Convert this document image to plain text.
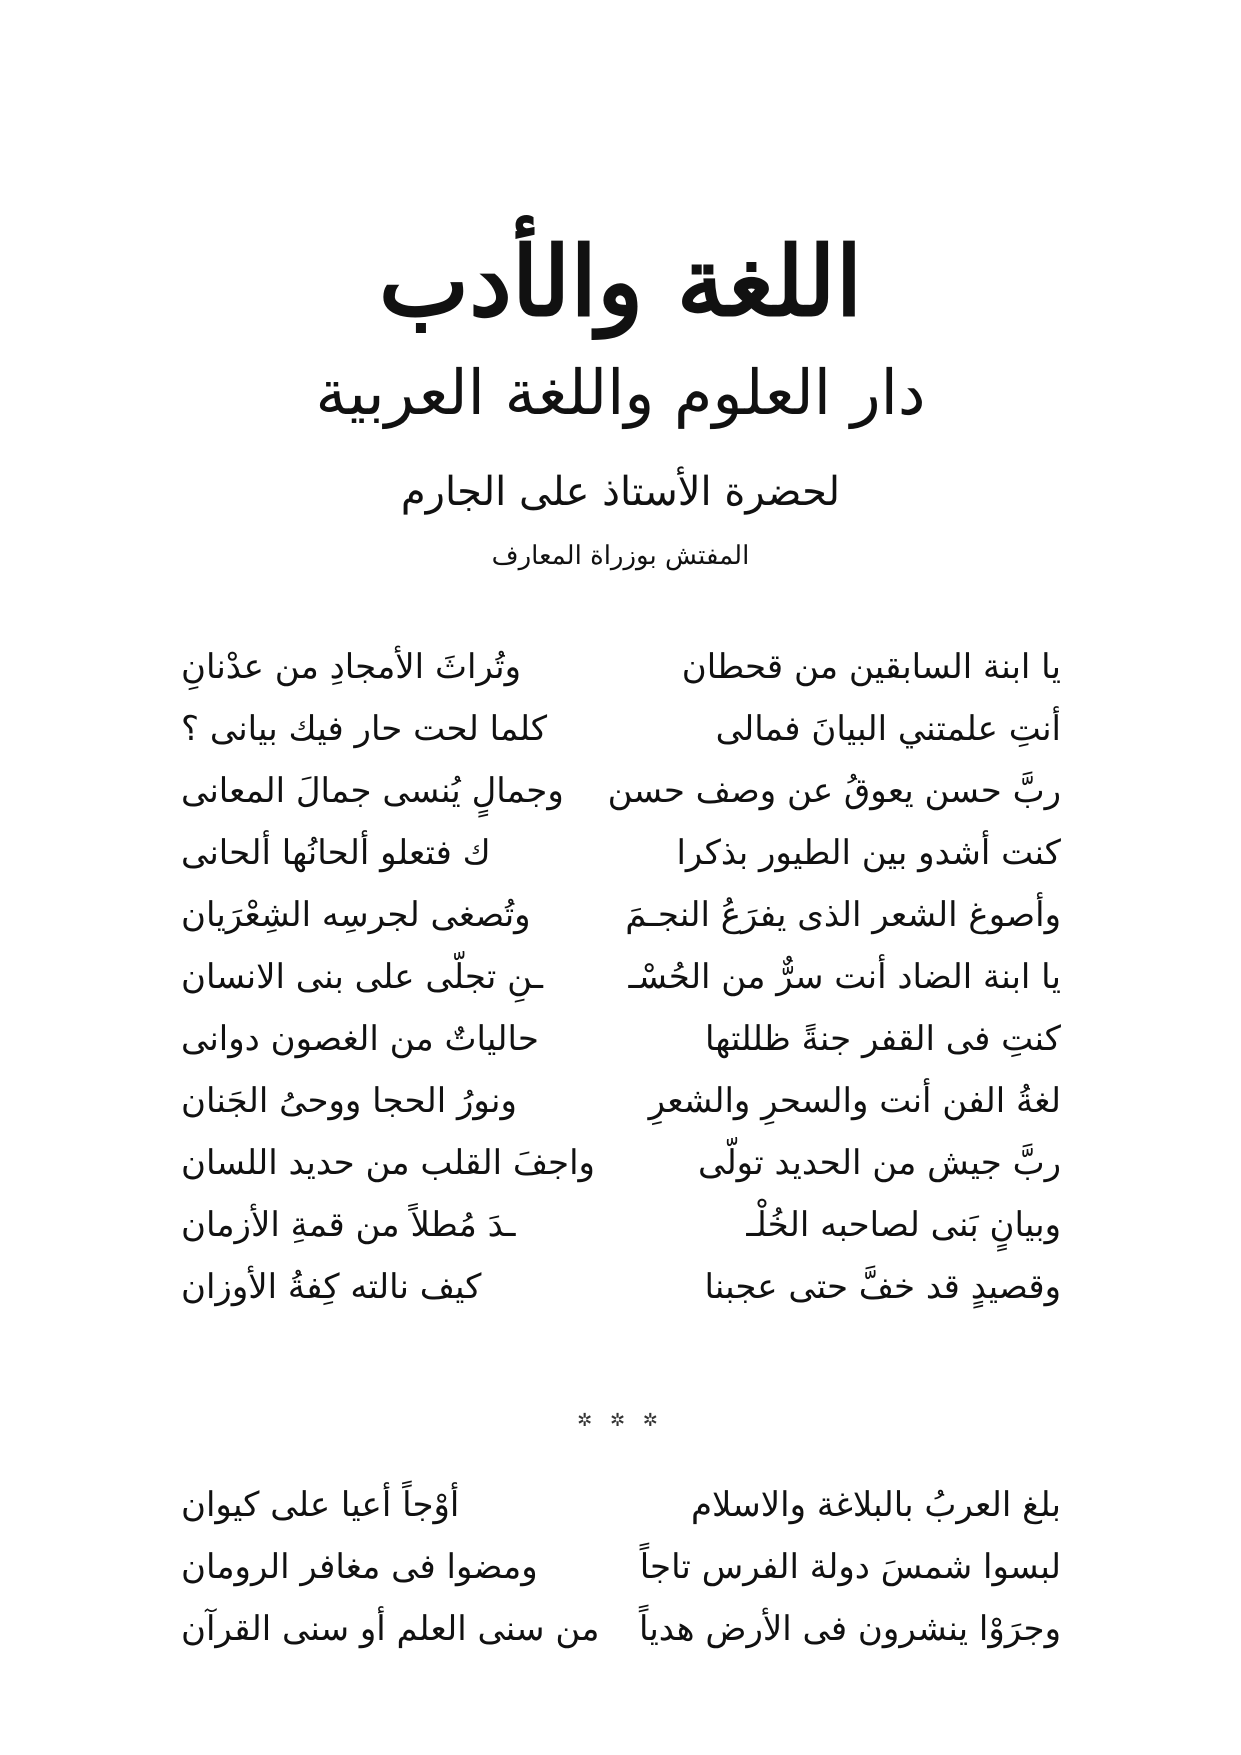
اللغة والأدب
دار العلوم واللغة العربية
لحضرة الأستاذ على الجارم
المفتش بوزراة المعارف
يا ابنة السابقين من قحطان
وتُراثَ الأمجادِ من عدْنانِ
أنتِ علمتني البيانَ فمالى
كلما لحت حار فيك بيانى ؟
ربَّ حسن يعوقُ عن وصف حسن
وجمالٍ يُنسى جمالَ المعانى
كنت أشدو بين الطيور بذكرا
ك فتعلو ألحانُها ألحانى
وأصوغ الشعر الذى يفرَعُ النجـمَ
وتُصغى لجرسِه الشِعْرَيان
يا ابنة الضاد أنت سرٌّ من الحُسْـ
ـنِ تجلّى على بنى الانسان
كنتِ فى القفر جنةً ظللتها
حالياتٌ من الغصون دوانى
لغةُ الفن أنت والسحرِ والشعرِ
ونورُ الحجا ووحىُ الجَنان
ربَّ جيش من الحديد تولّى
واجفَ القلب من حديد اللسان
وبيانٍ بَنى لصاحبه الخُلْـ
ـدَ مُطلاً من قمةِ الأزمان
وقصيدٍ قد خفَّ حتى عجبنا
كيف نالته كِفةُ الأوزان
✲ ✲ ✲
بلغ العربُ بالبلاغة والاسلام
أوْجاً أعيا على كيوان
لبسوا شمسَ دولة الفرس تاجاً
ومضوا فى مغافر الرومان
وجرَوْا ينشرون فى الأرض هدياً
من سنى العلم أو سنى القرآن
